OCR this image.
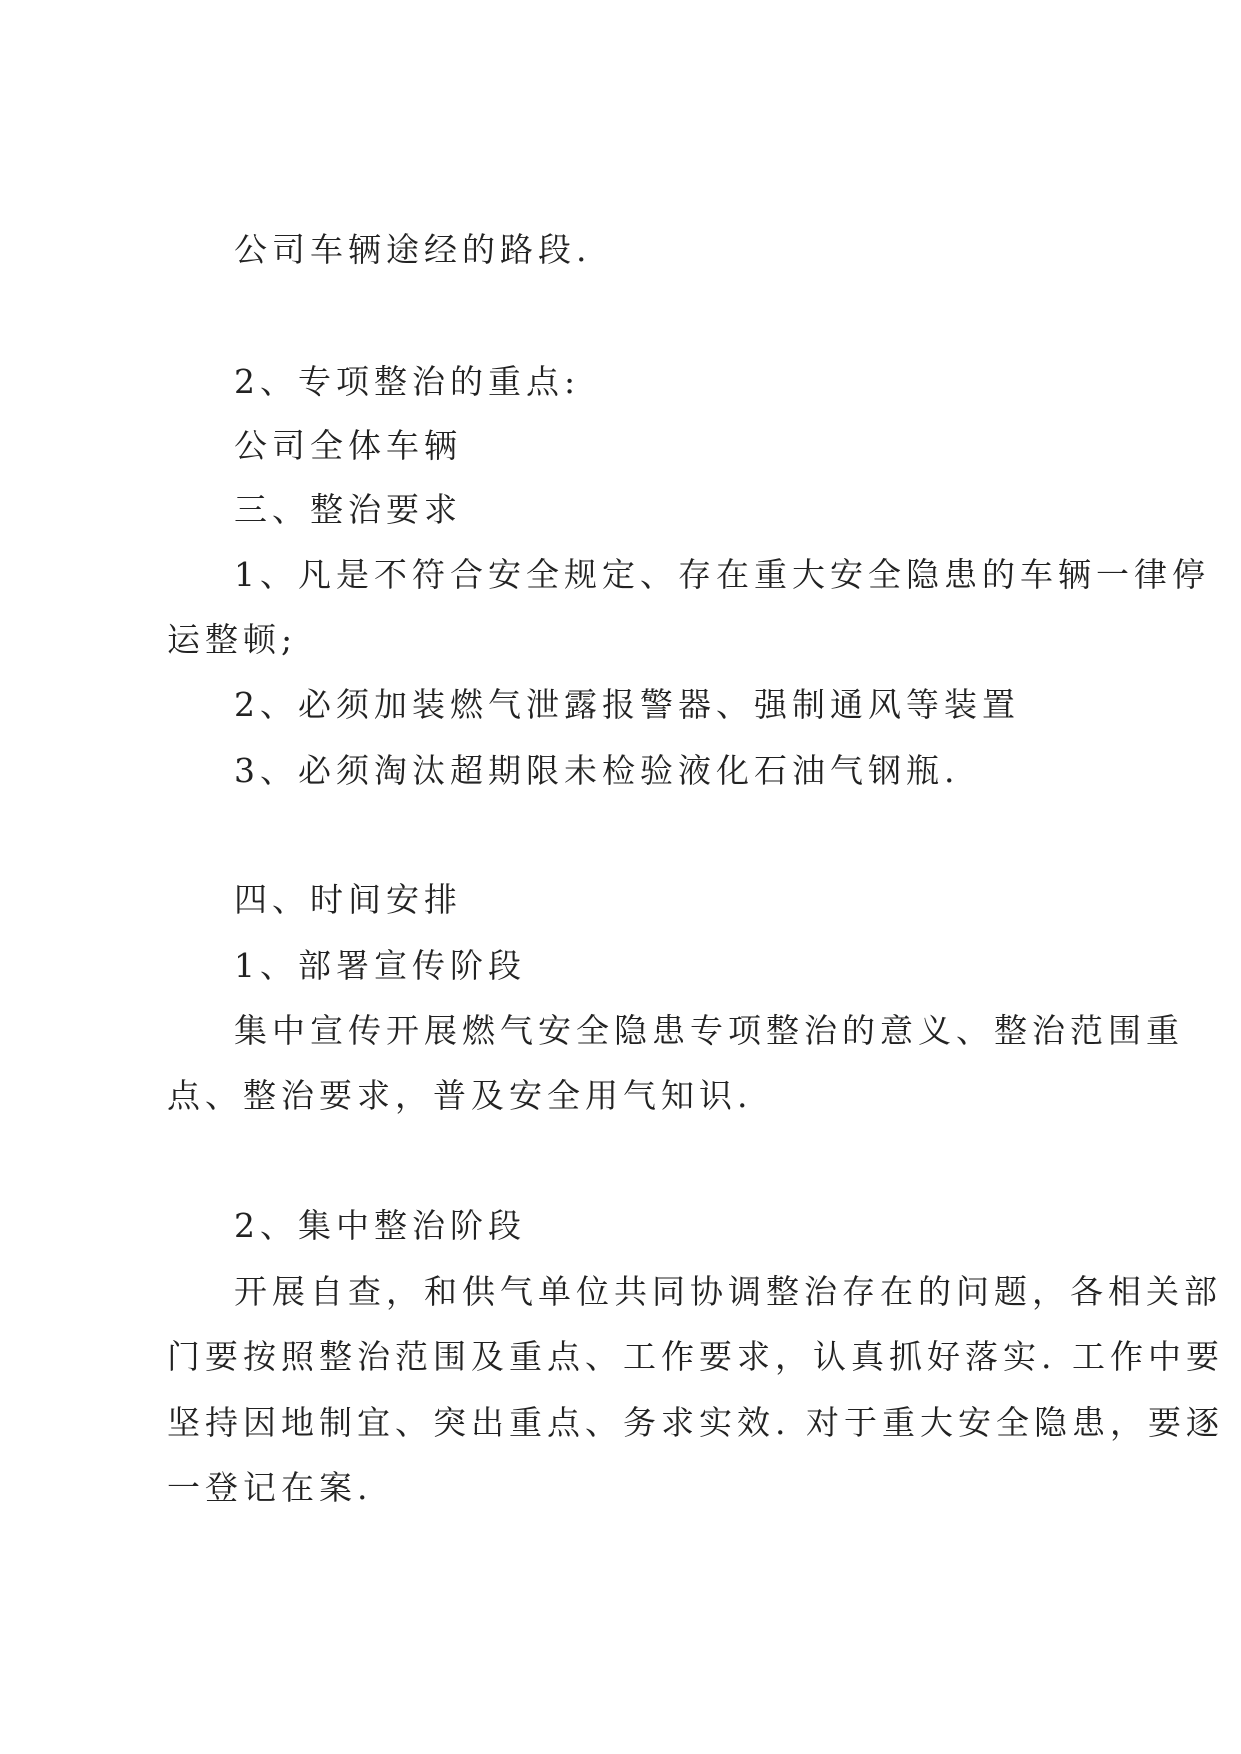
公司车辆途经的路段.
2、专项整治的重点:
公司全体车辆
三、整治要求
1、凡是不符合安全规定、存在重大安全隐患的车辆一律停
运整顿;
2、必须加装燃气泄露报警器、强制通风等装置
3、必须淘汰超期限未检验液化石油气钢瓶.
四、时间安排
1、部署宣传阶段
集中宣传开展燃气安全隐患专项整治的意义、整治范围重
点、整治要求，普及安全用气知识.
2、集中整治阶段
开展自查，和供气单位共同协调整治存在的问题，各相关部
门要按照整治范围及重点、工作要求，认真抓好落实. 工作中要
坚持因地制宜、突出重点、务求实效. 对于重大安全隐患，要逐
一登记在案.
